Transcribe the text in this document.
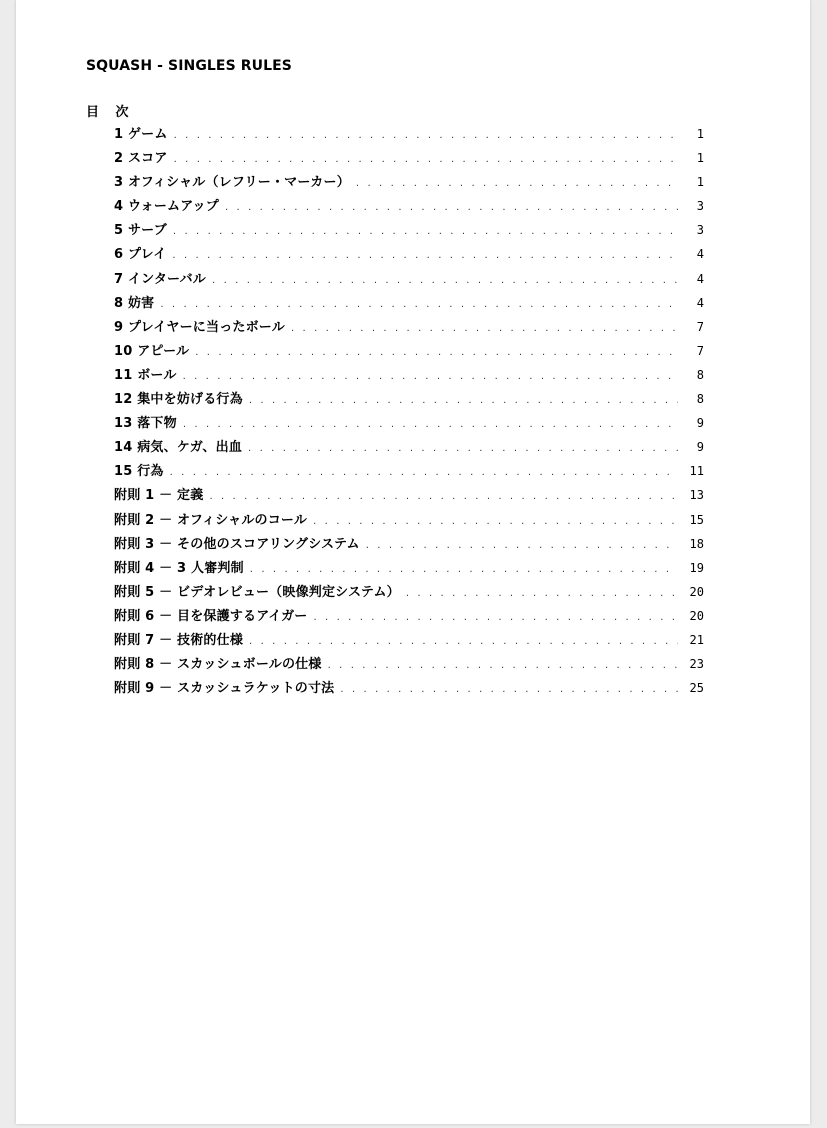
SQUASH - SINGLES RULES
目 次
1 ゲーム . . .	1
2 スコア . . .	1
3 オフィシャル（レフリー・マーカー） . . .	1
4 ウォームアップ . . .	3
5 サーブ . . .	3
6 プレイ . . .	4
7 インターバル . . .	4
8 妨害 . . .	4
9 プレイヤーに当ったボール . . .	7
10 アピール . . .	7
11 ボール . . .	8
12 集中を妨げる行為 . . .	8
13 落下物 . . .	9
14 病気、ケガ、出血 . . .	9
15 行為 . . .	11
附則 1 － 定義 . . .	13
附則 2 － オフィシャルのコール . . .	15
附則 3 － その他のスコアリングシステム . . .	18
附則 4 － 3 人審判制 . . .	19
附則 5 － ビデオレビュー（映像判定システム） . . .	20
附則 6 － 目を保護するアイガー . . .	20
附則 7 － 技術的仕様 . . .	21
附則 8 － スカッシュボールの仕様 . . .	23
附則 9 － スカッシュラケットの寸法 . . .	25
